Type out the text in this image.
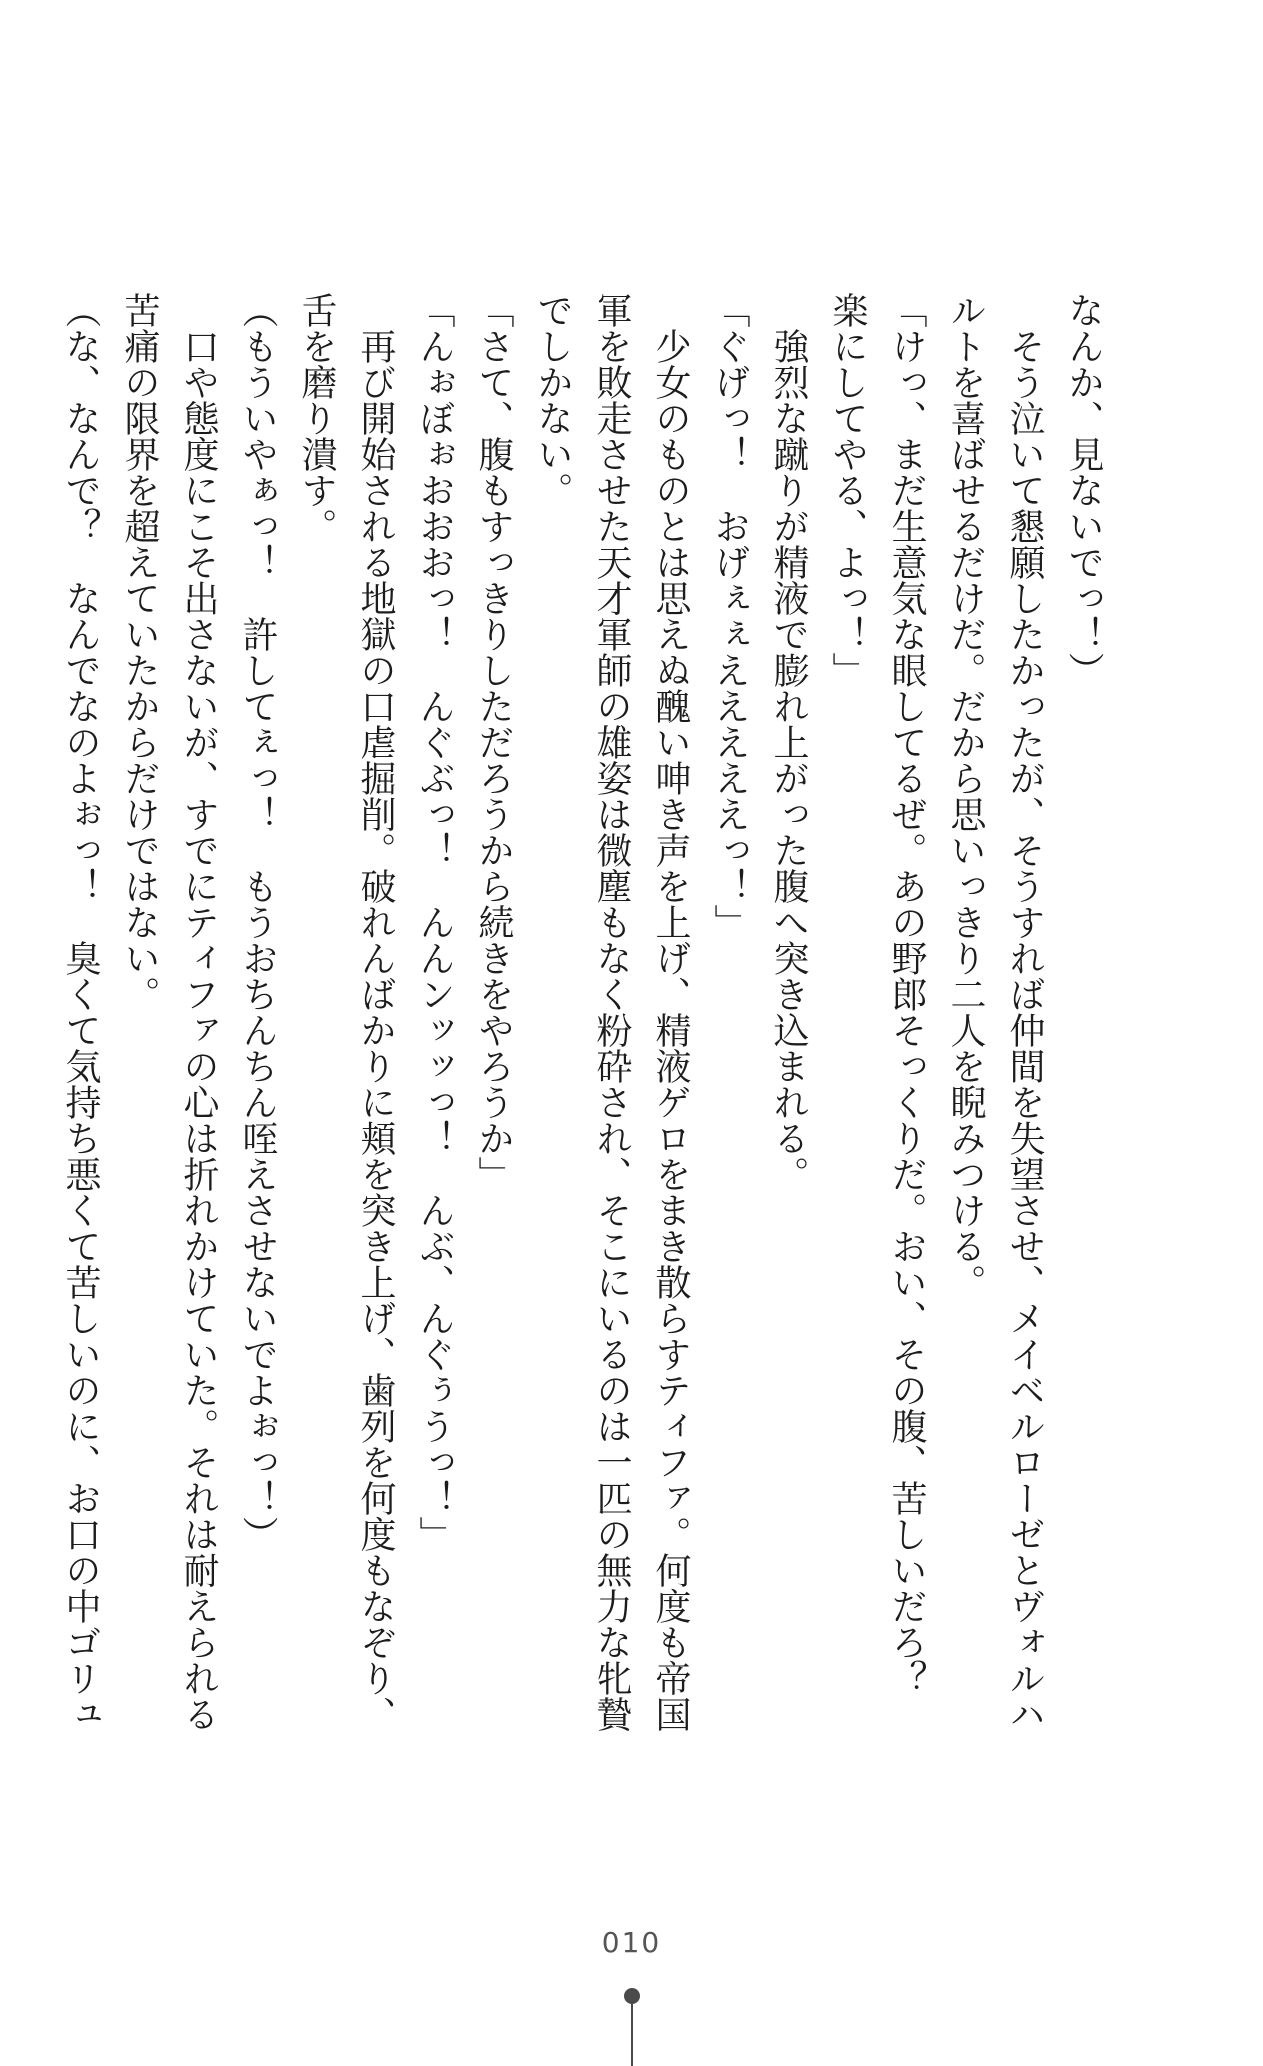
なんか、見ないでっ！）

　そう泣いて懇願したかったが、そうすれば仲間を失望させ、メイベルローゼとヴォルハ

ルトを喜ばせるだけだ。だから思いっきり二人を睨みつける。

「けっ、まだ生意気な眼してるぜ。あの野郎そっくりだ。おい、その腹、苦しいだろ？

楽にしてやる、よっ！」

　強烈な蹴りが精液で膨れ上がった腹へ突き込まれる。

「ぐげっ！　おげぇぇえええええっ！」

　少女のものとは思えぬ醜い呻き声を上げ、精液ゲロをまき散らすティファ。何度も帝国

軍を敗走させた天才軍師の雄姿は微塵もなく粉砕され、そこにいるのは一匹の無力な牝贄

でしかない。

「さて、腹もすっきりしただろうから続きをやろうか」

「んぉぼぉおおおっ！　んぐぶっ！　んんンッッっ！　んぶ、んぐぅうっ！」

　再び開始される地獄の口虐掘削。破れんばかりに頬を突き上げ、歯列を何度もなぞり、

舌を磨り潰す。

（もういやぁっ！　許してぇっ！　もうおちんちん咥えさせないでよぉっ！）

　口や態度にこそ出さないが、すでにティファの心は折れかけていた。それは耐えられる

苦痛の限界を超えていたからだけではない。

（な、なんで？　なんでなのよぉっ！　臭くて気持ち悪くて苦しいのに、お口の中ゴリュ

010
